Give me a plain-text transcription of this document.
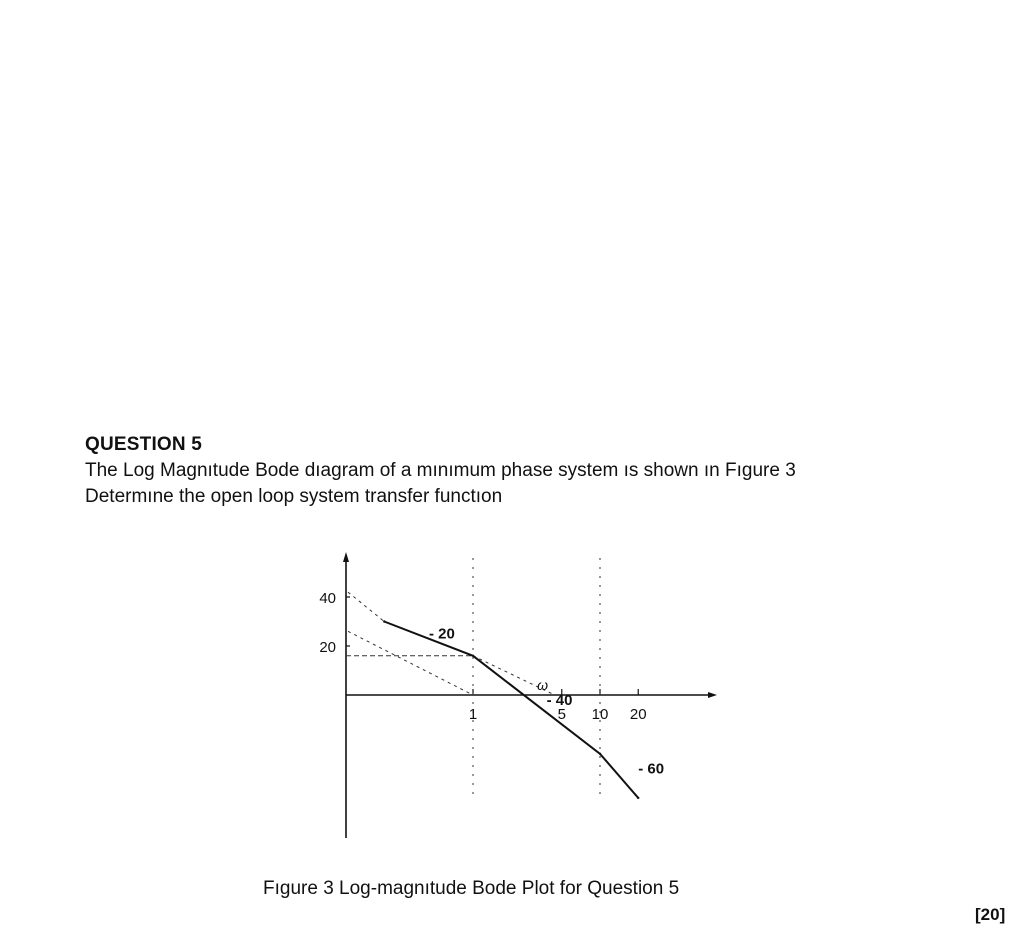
QUESTION 5
The Log Magnıtude Bode dıagram of a mınımum phase system ıs shown ın Fıgure 3
Determıne the open loop system transfer functıon
40
20
1	5 10 20
- 20
- 40
- 60
ω
Fıgure 3 Log-magnıtude Bode Plot for Question 5
[20]
